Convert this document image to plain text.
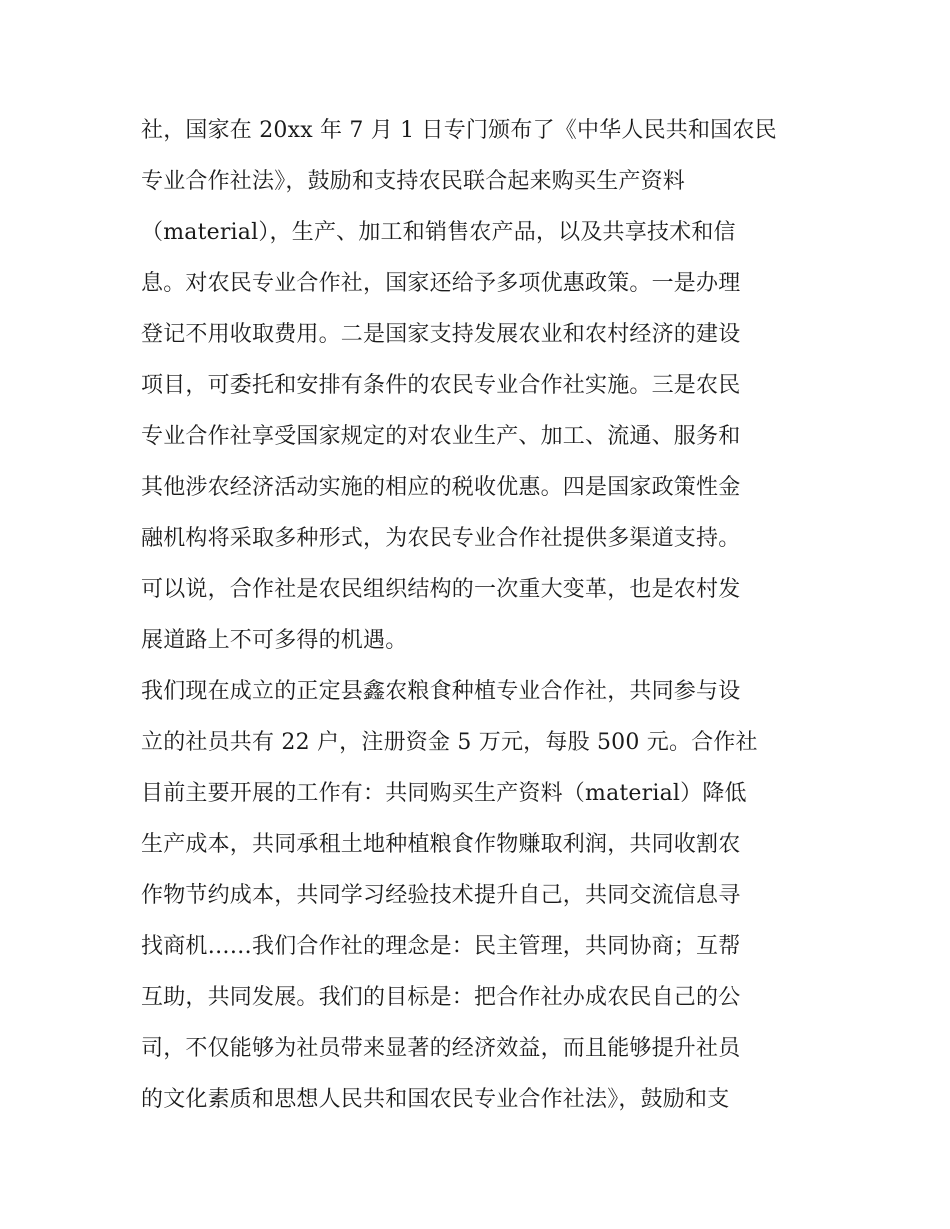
社，国家在 20xx 年 7 月 1 日专门颁布了《中华人民共和国农民
专业合作社法》，鼓励和支持农民联合起来购买生产资料
（material），生产、加工和销售农产品，以及共享技术和信
息。对农民专业合作社，国家还给予多项优惠政策。一是办理
登记不用收取费用。二是国家支持发展农业和农村经济的建设
项目，可委托和安排有条件的农民专业合作社实施。三是农民
专业合作社享受国家规定的对农业生产、加工、流通、服务和
其他涉农经济活动实施的相应的税收优惠。四是国家政策性金
融机构将采取多种形式，为农民专业合作社提供多渠道支持。
可以说，合作社是农民组织结构的一次重大变革，也是农村发
展道路上不可多得的机遇。
我们现在成立的正定县鑫农粮食种植专业合作社，共同参与设
立的社员共有 22 户，注册资金 5 万元，每股 500 元。合作社
目前主要开展的工作有：共同购买生产资料（material）降低
生产成本，共同承租土地种植粮食作物赚取利润，共同收割农
作物节约成本，共同学习经验技术提升自己，共同交流信息寻
找商机……我们合作社的理念是：民主管理，共同协商；互帮
互助，共同发展。我们的目标是：把合作社办成农民自己的公
司，不仅能够为社员带来显著的经济效益，而且能够提升社员
的文化素质和思想人民共和国农民专业合作社法》，鼓励和支
